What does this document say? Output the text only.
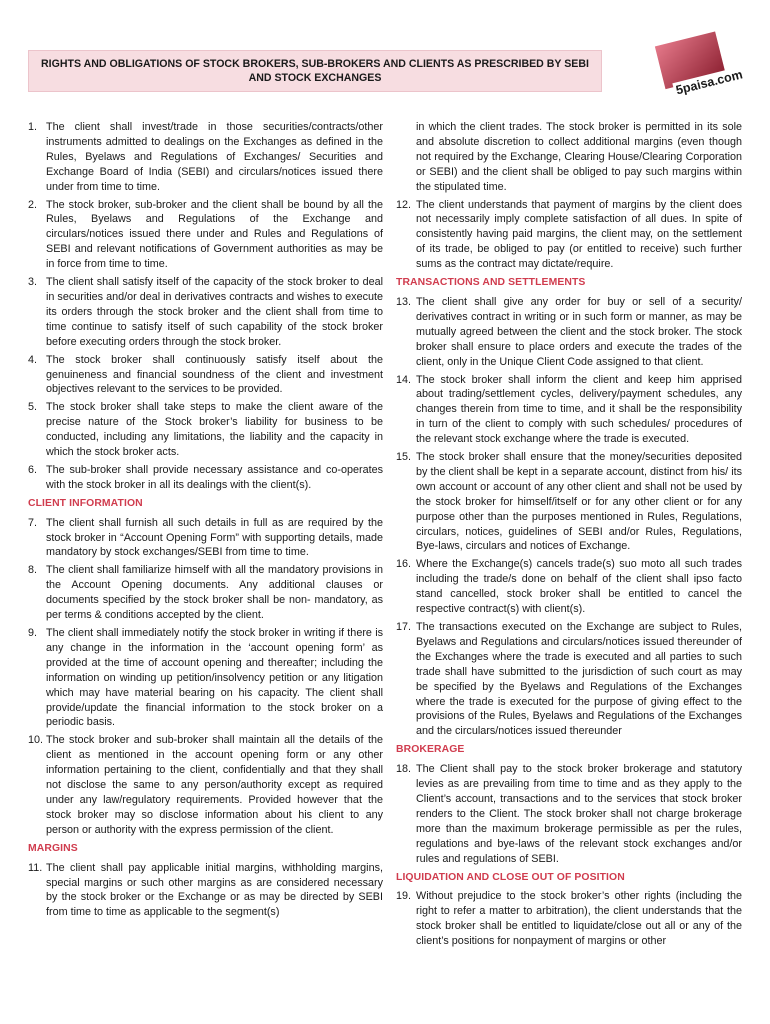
RIGHTS AND OBLIGATIONS OF STOCK BROKERS, SUB-BROKERS AND CLIENTS AS PRESCRIBED BY SEBI AND STOCK EXCHANGES	5paisa.com
1. The client shall invest/trade in those securities/contracts/other instruments admitted to dealings on the Exchanges as defined in the Rules, Byelaws and Regulations of Exchanges/ Securities and Exchange Board of India (SEBI) and circulars/notices issued there under from time to time.
2. The stock broker, sub-broker and the client shall be bound by all the Rules, Byelaws and Regulations of the Exchange and circulars/notices issued there under and Rules and Regulations of SEBI and relevant notifications of Government authorities as may be in force from time to time.
3. The client shall satisfy itself of the capacity of the stock broker to deal in securities and/or deal in derivatives contracts and wishes to execute its orders through the stock broker and the client shall from time to time continue to satisfy itself of such capability of the stock broker before executing orders through the stock broker.
4. The stock broker shall continuously satisfy itself about the genuineness and financial soundness of the client and investment objectives relevant to the services to be provided.
5. The stock broker shall take steps to make the client aware of the precise nature of the Stock broker’s liability for business to be conducted, including any limitations, the liability and the capacity in which the stock broker acts.
6. The sub-broker shall provide necessary assistance and co-operates with the stock broker in all its dealings with the client(s).
CLIENT INFORMATION
7. The client shall furnish all such details in full as are required by the stock broker in “Account Opening Form” with supporting details, made mandatory by stock exchanges/SEBI from time to time.
8. The client shall familiarize himself with all the mandatory provisions in the Account Opening documents. Any additional clauses or documents specified by the stock broker shall be non- mandatory, as per terms & conditions accepted by the client.
9. The client shall immediately notify the stock broker in writing if there is any change in the information in the ‘account opening form’ as provided at the time of account opening and thereafter; including the information on winding up petition/insolvency petition or any litigation which may have material bearing on his capacity. The client shall provide/update the financial information to the stock broker on a periodic basis.
10. The stock broker and sub-broker shall maintain all the details of the client as mentioned in the account opening form or any other information pertaining to the client, confidentially and that they shall not disclose the same to any person/authority except as required under any law/regulatory requirements. Provided however that the stock broker may so disclose information about his client to any person or authority with the express permission of the client.
MARGINS
11. The client shall pay applicable initial margins, withholding margins, special margins or such other margins as are considered necessary by the stock broker or the Exchange or as may be directed by SEBI from time to time as applicable to the segment(s)
in which the client trades. The stock broker is permitted in its sole and absolute discretion to collect additional margins (even though not required by the Exchange, Clearing House/Clearing Corporation or SEBI) and the client shall be obliged to pay such margins within the stipulated time.
12. The client understands that payment of margins by the client does not necessarily imply complete satisfaction of all dues. In spite of consistently having paid margins, the client may, on the settlement of its trade, be obliged to pay (or entitled to receive) such further sums as the contract may dictate/require.
TRANSACTIONS AND SETTLEMENTS
13. The client shall give any order for buy or sell of a security/ derivatives contract in writing or in such form or manner, as may be mutually agreed between the client and the stock broker. The stock broker shall ensure to place orders and execute the trades of the client, only in the Unique Client Code assigned to that client.
14. The stock broker shall inform the client and keep him apprised about trading/settlement cycles, delivery/payment schedules, any changes therein from time to time, and it shall be the responsibility in turn of the client to comply with such schedules/ procedures of the relevant stock exchange where the trade is executed.
15. The stock broker shall ensure that the money/securities deposited by the client shall be kept in a separate account, distinct from his/ its own account or account of any other client and shall not be used by the stock broker for himself/itself or for any other client or for any purpose other than the purposes mentioned in Rules, Regulations, circulars, notices, guidelines of SEBI and/or Rules, Regulations, Bye-laws, circulars and notices of Exchange.
16. Where the Exchange(s) cancels trade(s) suo moto all such trades including the trade/s done on behalf of the client shall ipso facto stand cancelled, stock broker shall be entitled to cancel the respective contract(s) with client(s).
17. The transactions executed on the Exchange are subject to Rules, Byelaws and Regulations and circulars/notices issued thereunder of the Exchanges where the trade is executed and all parties to such trade shall have submitted to the jurisdiction of such court as may be specified by the Byelaws and Regulations of the Exchanges where the trade is executed for the purpose of giving effect to the provisions of the Rules, Byelaws and Regulations of the Exchanges and the circulars/notices issued thereunder
BROKERAGE
18. The Client shall pay to the stock broker brokerage and statutory levies as are prevailing from time to time and as they apply to the Client’s account, transactions and to the services that stock broker renders to the Client. The stock broker shall not charge brokerage more than the maximum brokerage permissible as per the rules, regulations and bye-laws of the relevant stock exchanges and/or rules and regulations of SEBI.
LIQUIDATION AND CLOSE OUT OF POSITION
19. Without prejudice to the stock broker’s other rights (including the right to refer a matter to arbitration), the client understands that the stock broker shall be entitled to liquidate/close out all or any of the client’s positions for nonpayment of margins or other
